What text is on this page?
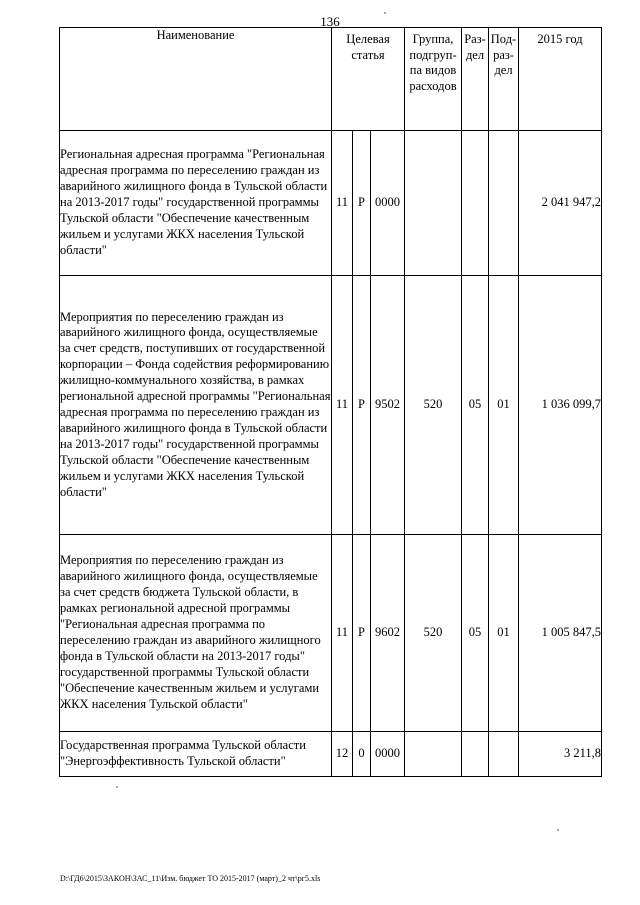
136
Наименование	Целевая статья			Группа, подгруп-па видов расходов	Раз-дел	Под-раз-дел	2015 год
Региональная адресная программа "Региональная адресная программа по переселению граждан из аварийного жилищного фонда в Тульской области на 2013-2017 годы" государственной программы Тульской области "Обеспечение качественным жильем и услугами ЖКХ населения Тульской области"	11	Р	0000				2 041 947,2
Мероприятия по переселению граждан из аварийного жилищного фонда, осуществляемые за счет средств, поступивших от государственной корпорации – Фонда содействия реформированию жилищно-коммунального хозяйства, в рамках региональной адресной программы "Региональная адресная программа по переселению граждан из аварийного жилищного фонда в Тульской области на 2013-2017 годы" государственной программы Тульской области "Обеспечение качественным жильем и услугами ЖКХ населения Тульской области"	11	Р	9502	520	05	01	1 036 099,7
Мероприятия по переселению граждан из аварийного жилищного фонда, осуществляемые за счет средств бюджета Тульской области, в рамках региональной адресной программы "Региональная адресная программа по переселению граждан из аварийного жилищного фонда в Тульской области на 2013-2017 годы" государственной программы Тульской области "Обеспечение качественным жильем и услугами ЖКХ населения Тульской области"	11	Р	9602	520	05	01	1 005 847,5
Государственная программа Тульской области "Энергоэффективность Тульской области"	12	0	0000				3 211,8
D:\ГД6\2015\ЗАКОН\ЗАС_11\Изм. бюджет ТО 2015-2017 (март)_2 чт\рг5.xls
